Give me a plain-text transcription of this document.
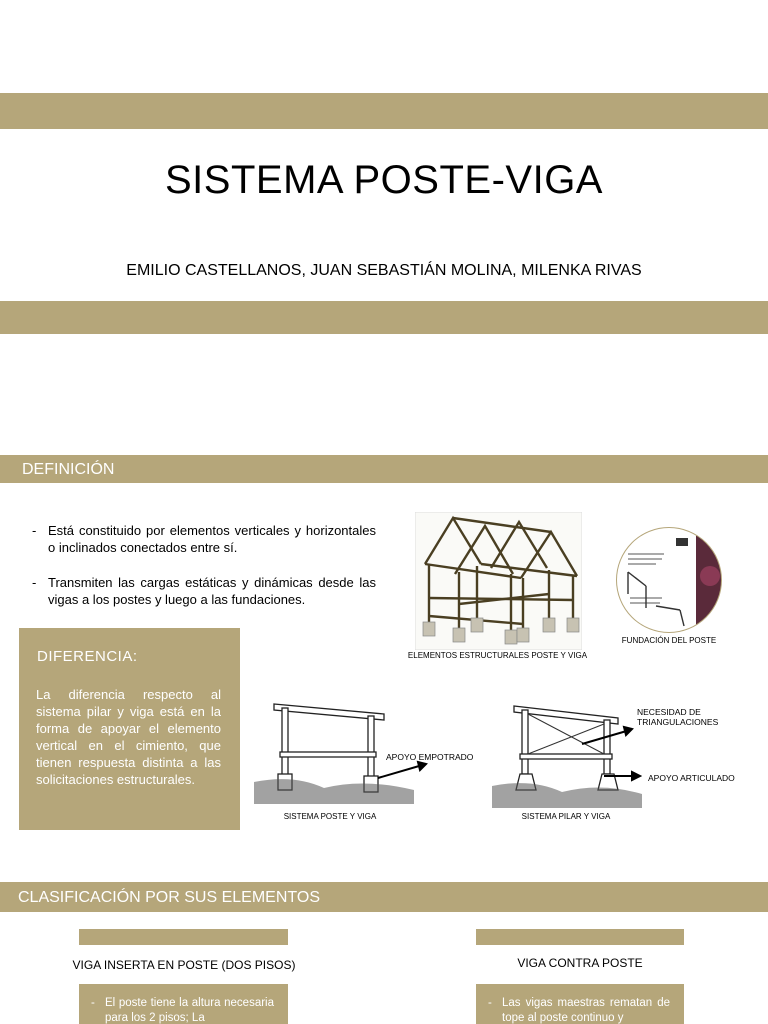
SISTEMA POSTE-VIGA
EMILIO CASTELLANOS, JUAN SEBASTIÁN MOLINA, MILENKA RIVAS
DEFINICIÓN
- Está constituido por elementos verticales y horizontales o inclinados conectados entre sí.
- Transmiten las cargas estáticas y dinámicas desde las vigas a los postes y luego a las fundaciones.
ELEMENTOS ESTRUCTURALES POSTE Y VIGA
FUNDACIÓN DEL POSTE
DIFERENCIA:
La diferencia respecto al sistema pilar y viga está en la forma de apoyar el elemento vertical en el cimiento, que tienen respuesta distinta a las solicitaciones estructurales.
APOYO EMPOTRADO
SISTEMA POSTE Y VIGA
NECESIDAD DE TRIANGULACIONES
APOYO ARTICULADO
SISTEMA PILAR Y VIGA
CLASIFICACIÓN POR SUS ELEMENTOS
VIGA INSERTA EN POSTE (DOS PISOS)
- El poste tiene la altura necesaria para los 2 pisos; La
VIGA CONTRA POSTE
- Las vigas maestras rematan de tope al poste continuo y
